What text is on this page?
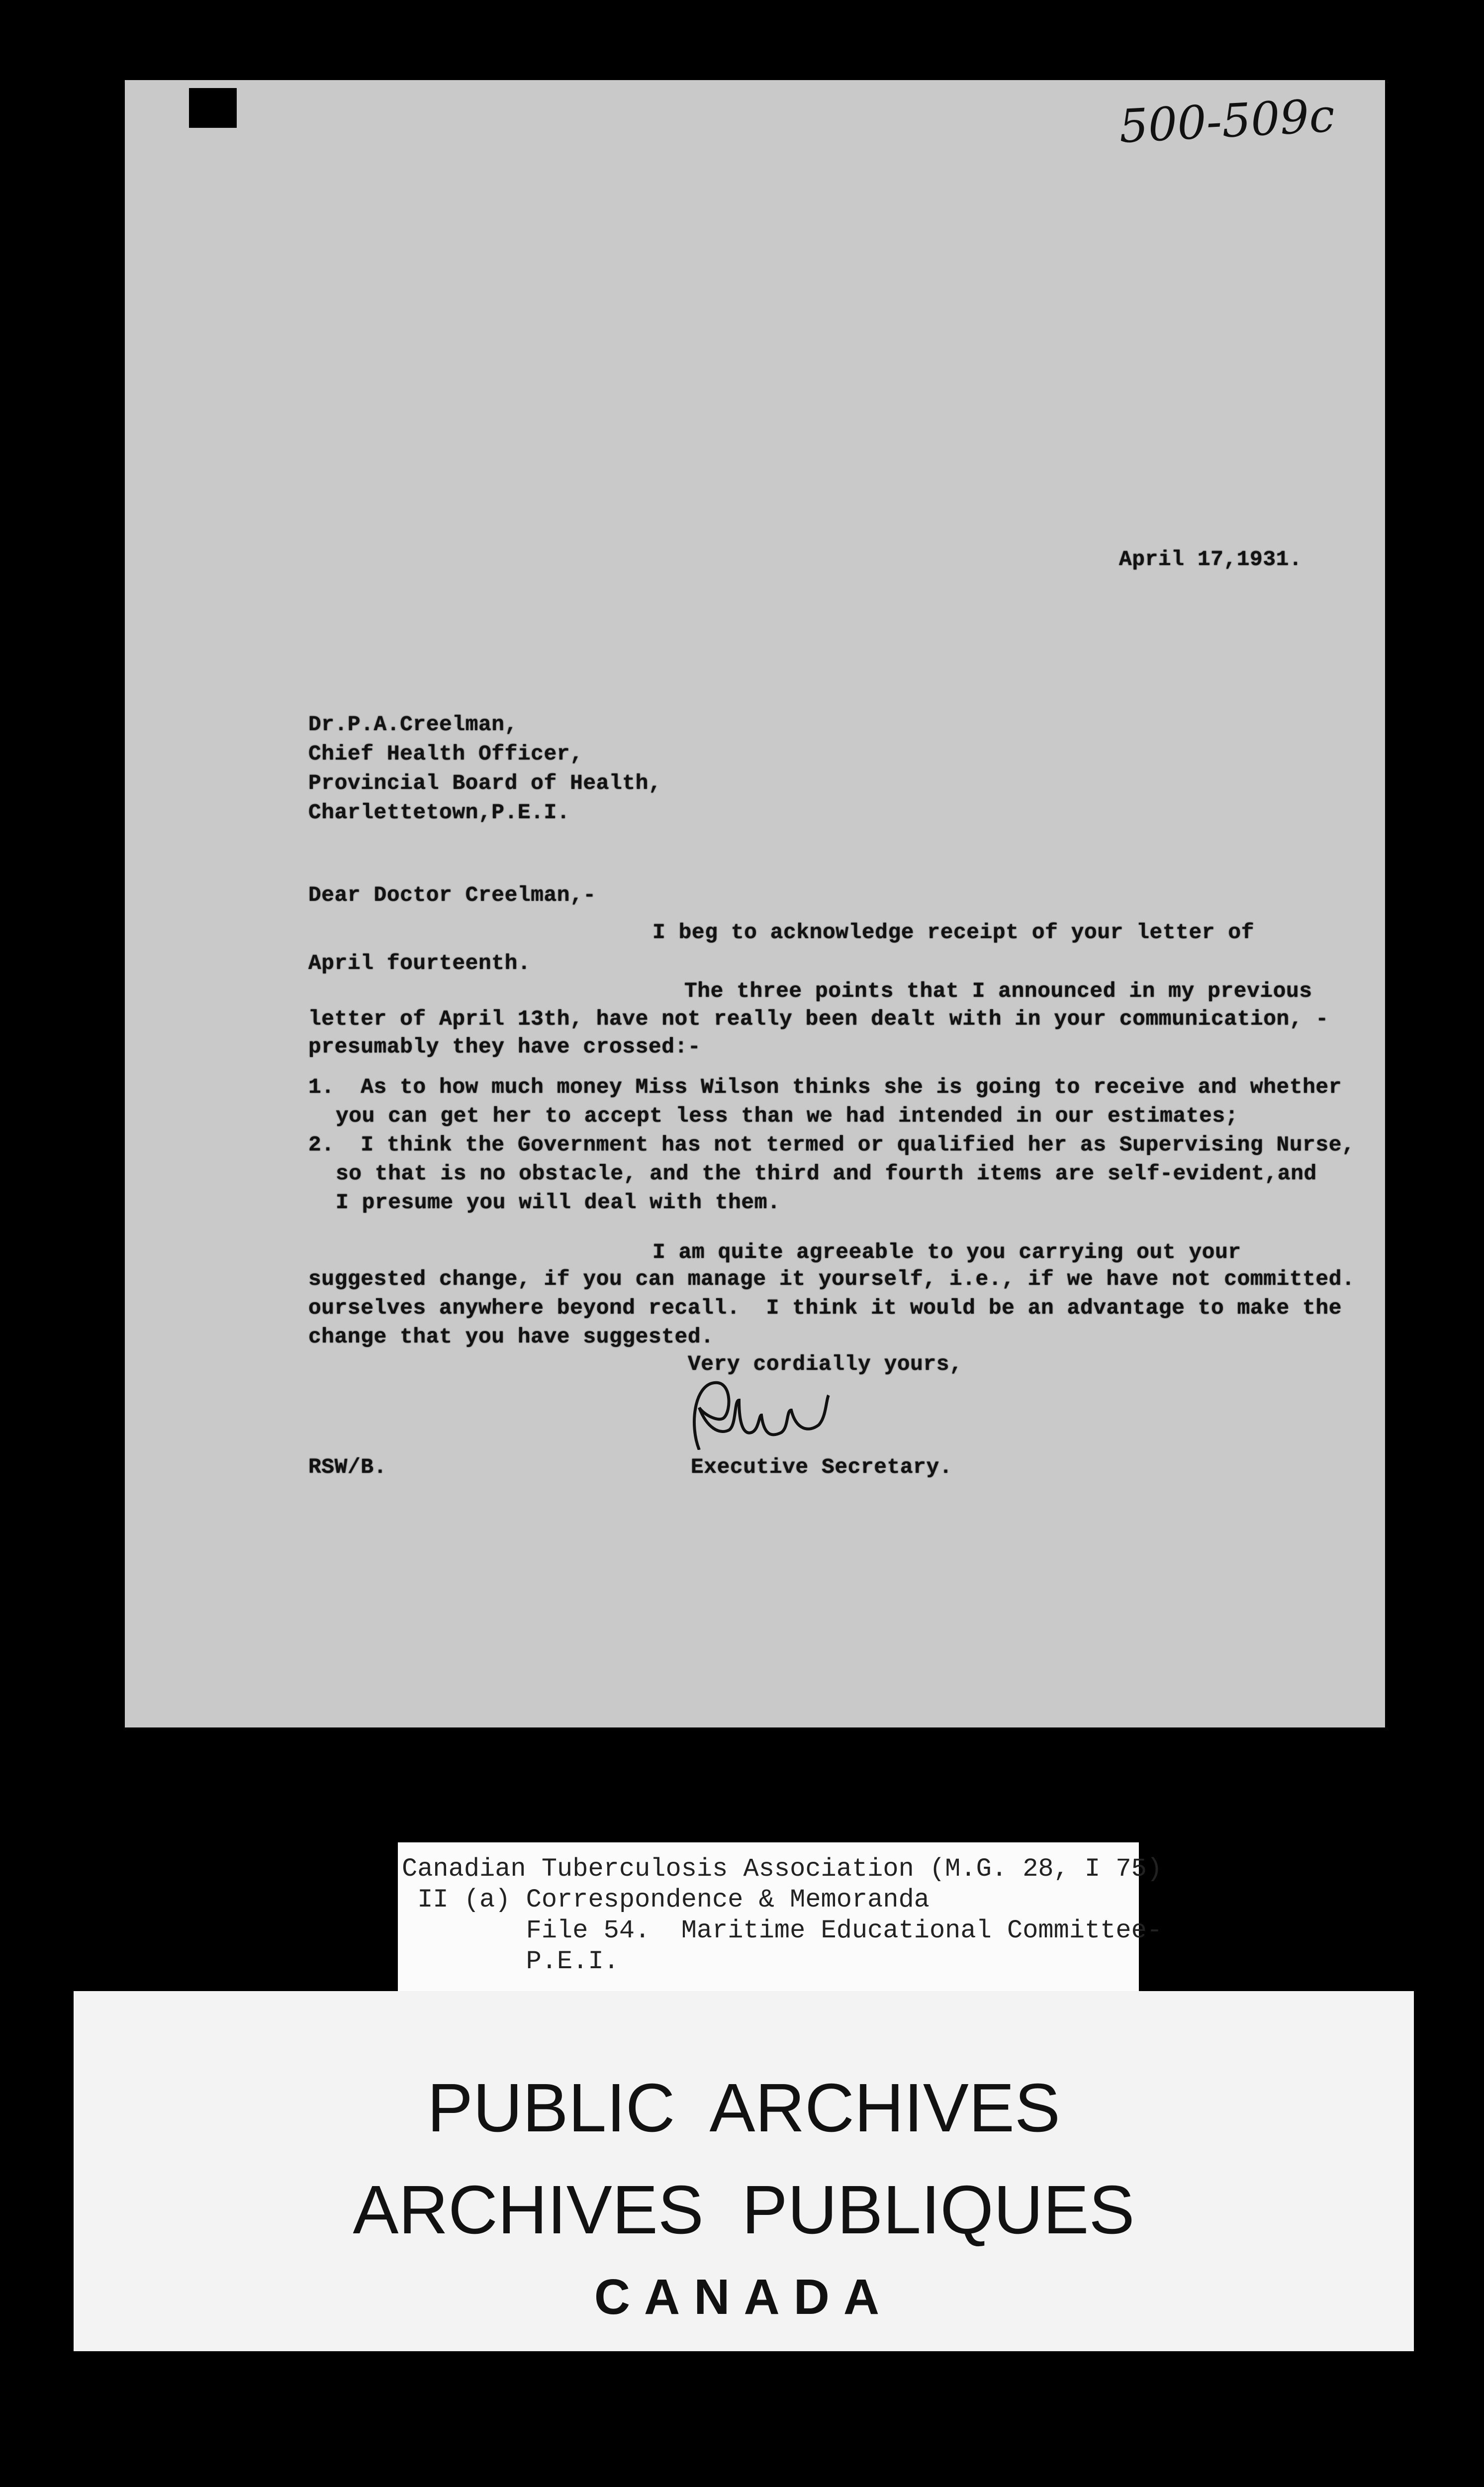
500-509c
April 17,1931.
Dr.P.A.Creelman,
Chief Health Officer,
Provincial Board of Health,
Charlettetown,P.E.I.
Dear Doctor Creelman,-
I beg to acknowledge receipt of your letter of
April fourteenth.
The three points that I announced in my previous
letter of April 13th, have not really been dealt with in your communication, -
presumably they have crossed:-
1.  As to how much money Miss Wilson thinks she is going to receive and whether
you can get her to accept less than we had intended in our estimates;
2.  I think the Government has not termed or qualified her as Supervising Nurse,
so that is no obstacle, and the third and fourth items are self-evident,and
I presume you will deal with them.
I am quite agreeable to you carrying out your
suggested change, if you can manage it yourself, i.e., if we have not committed.
ourselves anywhere beyond recall.  I think it would be an advantage to make the
change that you have suggested.
Very cordially yours,
RSW/B.	Executive Secretary.
Canadian Tuberculosis Association (M.G. 28, I 75)
II (a) Correspondence & Memoranda
File 54.  Maritime Educational Committee-
P.E.I.
PUBLIC  ARCHIVES
ARCHIVES  PUBLIQUES
CANADA
